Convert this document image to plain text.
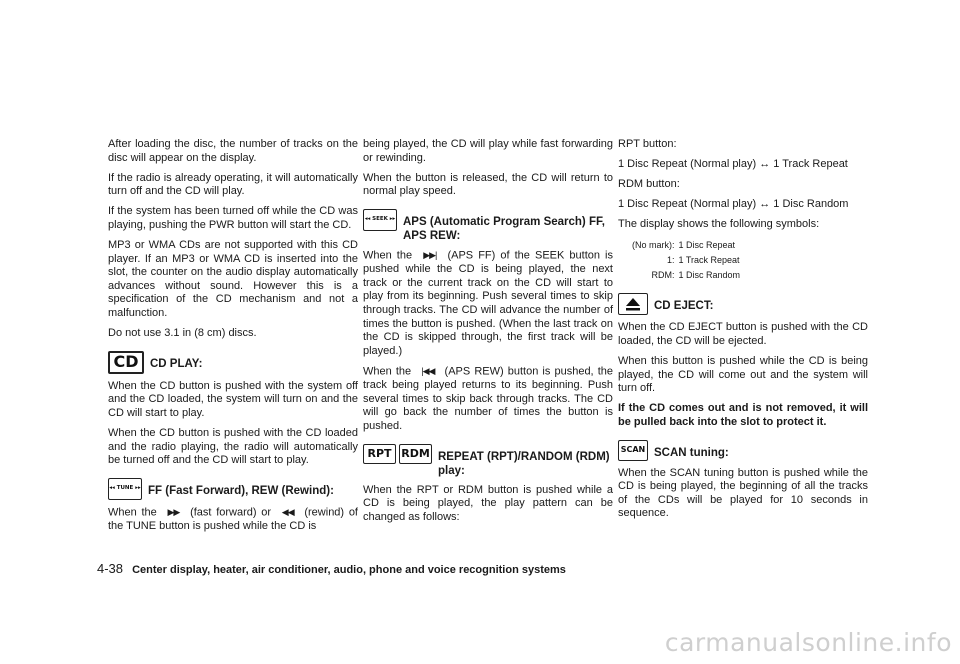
After loading the disc, the number of tracks on the disc will appear on the display.

If the radio is already operating, it will automatically turn off and the CD will play.

If the system has been turned off while the CD was playing, pushing the PWR button will start the CD.

MP3 or WMA CDs are not supported with this CD player. If an MP3 or WMA CD is inserted into the slot, the counter on the audio display automatically advances without sound. However this is a specification of the CD mechanism and not a malfunction.

Do not use 3.1 in (8 cm) discs.

CD CD PLAY:

When the CD button is pushed with the system off and the CD loaded, the system will turn on and the CD will start to play.

When the CD button is pushed with the CD loaded and the radio playing, the radio will automatically be turned off and the CD will start to play.

◂◂ TUNE ▸▸ FF (Fast Forward), REW (Rewind):

When the ▶▶ (fast forward) or ◀◀ (rewind) of the TUNE button is pushed while the CD is

being played, the CD will play while fast forwarding or rewinding.

When the button is released, the CD will return to normal play speed.

◂◂ SEEK ▸▸ APS (Automatic Program Search) FF, APS REW:

When the ▶▶| (APS FF) of the SEEK button is pushed while the CD is being played, the next track or the current track on the CD will start to play from its beginning. Push several times to skip through tracks. The CD will advance the number of times the button is pushed. (When the last track on the CD is skipped through, the first track will be played.)

When the |◀◀ (APS REW) button is pushed, the track being played returns to its beginning. Push several times to skip back through tracks. The CD will go back the number of times the button is pushed.

RPT RDM REPEAT (RPT)/RANDOM (RDM) play:

When the RPT or RDM button is pushed while a CD is being played, the play pattern can be changed as follows:

RPT button:

1 Disc Repeat (Normal play) ↔ 1 Track Repeat

RDM button:

1 Disc Repeat (Normal play) ↔ 1 Disc Random

The display shows the following symbols:

(No mark):	1 Disc Repeat
1:	1 Track Repeat
RDM:	1 Disc Random
CD EJECT:

When the CD EJECT button is pushed with the CD loaded, the CD will be ejected.

When this button is pushed while the CD is being played, the CD will come out and the system will turn off.

If the CD comes out and is not removed, it will be pulled back into the slot to protect it.

SCAN SCAN tuning:

When the SCAN tuning button is pushed while the CD is being played, the beginning of all the tracks of the CDs will be played for 10 seconds in sequence.

4-38 Center display, heater, air conditioner, audio, phone and voice recognition systems
carmanualsonline.info
